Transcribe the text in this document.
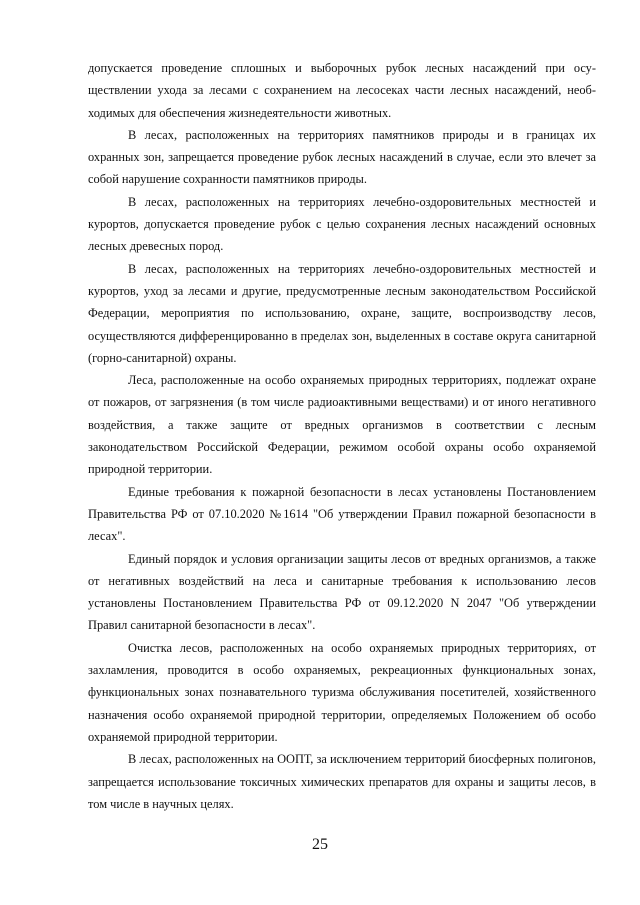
допускается проведение сплошных и выборочных рубок лесных насаждений при осуществлении ухода за лесами с сохранением на лесосеках части лесных насаждений, необходимых для обеспечения жизнедеятельности животных.

В лесах, расположенных на территориях памятников природы и в границах их охранных зон, запрещается проведение рубок лесных насаждений в случае, если это влечет за собой нарушение сохранности памятников природы.

В лесах, расположенных на территориях лечебно-оздоровительных местностей и курортов, допускается проведение рубок с целью сохранения лесных насаждений основных лесных древесных пород.

В лесах, расположенных на территориях лечебно-оздоровительных местностей и курортов, уход за лесами и другие, предусмотренные лесным законодательством Российской Федерации, мероприятия по использованию, охране, защите, воспроизводству лесов, осуществляются дифференцированно в пределах зон, выделенных в составе округа санитарной (горно-санитарной) охраны.

Леса, расположенные на особо охраняемых природных территориях, подлежат охране от пожаров, от загрязнения (в том числе радиоактивными веществами) и от иного негативного воздействия, а также защите от вредных организмов в соответствии с лесным законодательством Российской Федерации, режимом особой охраны особо охраняемой природной территории.

Единые требования к пожарной безопасности в лесах установлены Постановлением Правительства РФ от 07.10.2020 №1614 "Об утверждении Правил пожарной безопасности в лесах".

Единый порядок и условия организации защиты лесов от вредных организмов, а также от негативных воздействий на леса и санитарные требования к использованию лесов установлены Постановлением Правительства РФ от 09.12.2020 N 2047 "Об утверждении Правил санитарной безопасности в лесах".

Очистка лесов, расположенных на особо охраняемых природных территориях, от захламления, проводится в особо охраняемых, рекреационных функциональных зонах, функциональных зонах познавательного туризма обслуживания посетителей, хозяйственного назначения особо охраняемой природной территории, определяемых Положением об особо охраняемой природной территории.

В лесах, расположенных на ООПТ, за исключением территорий биосферных полигонов, запрещается использование токсичных химических препаратов для охраны и защиты лесов, в том числе в научных целях.

25
